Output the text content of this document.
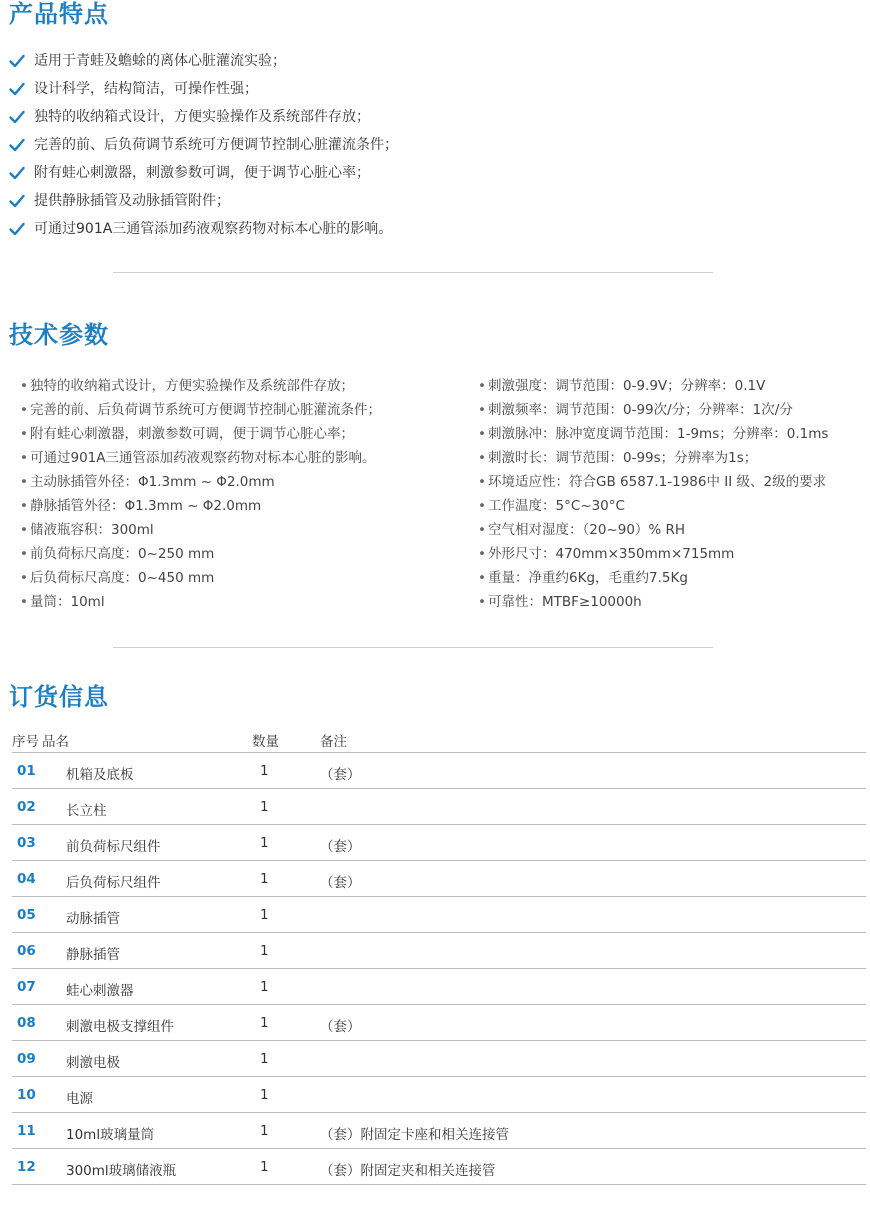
产品特点
适用于青蛙及蟾蜍的离体心脏灌流实验；
设计科学，结构简洁，可操作性强；
独特的收纳箱式设计，方便实验操作及系统部件存放；
完善的前、后负荷调节系统可方便调节控制心脏灌流条件；
附有蛙心刺激器，刺激参数可调，便于调节心脏心率；
提供静脉插管及动脉插管附件；
可通过901A三通管添加药液观察药物对标本心脏的影响。
技术参数
• 独特的收纳箱式设计，方便实验操作及系统部件存放；
• 完善的前、后负荷调节系统可方便调节控制心脏灌流条件；
• 附有蛙心刺激器，刺激参数可调，便于调节心脏心率；
• 可通过901A三通管添加药液观察药物对标本心脏的影响。
• 主动脉插管外径：Φ1.3mm ~ Φ2.0mm
• 静脉插管外径：Φ1.3mm ~ Φ2.0mm
• 储液瓶容积：300ml
• 前负荷标尺高度：0~250 mm
• 后负荷标尺高度：0~450 mm
• 量筒：10ml
• 刺激强度：调节范围：0-9.9V；分辨率：0.1V
• 刺激频率：调节范围：0-99次/分；分辨率：1次/分
• 刺激脉冲：脉冲宽度调节范围：1-9ms；分辨率：0.1ms
• 刺激时长：调节范围：0-99s；分辨率为1s；
• 环境适应性：符合GB 6587.1-1986中 II 级、2级的要求
• 工作温度：5°C~30°C
• 空气相对湿度：（20~90）% RH
• 外形尺寸：470mm×350mm×715mm
• 重量：净重约6Kg，毛重约7.5Kg
• 可靠性：MTBF≥10000h
订货信息
序号 品名	数量	备注
01 机箱及底板	1	（套）
02 长立柱	1
03 前负荷标尺组件	1	（套）
04 后负荷标尺组件	1	（套）
05 动脉插管	1
06 静脉插管	1
07 蛙心刺激器	1
08 刺激电极支撑组件	1	（套）
09 刺激电极	1
10 电源	1
11 10ml玻璃量筒	1	（套）附固定卡座和相关连接管
12 300ml玻璃储液瓶	1	（套）附固定夹和相关连接管
